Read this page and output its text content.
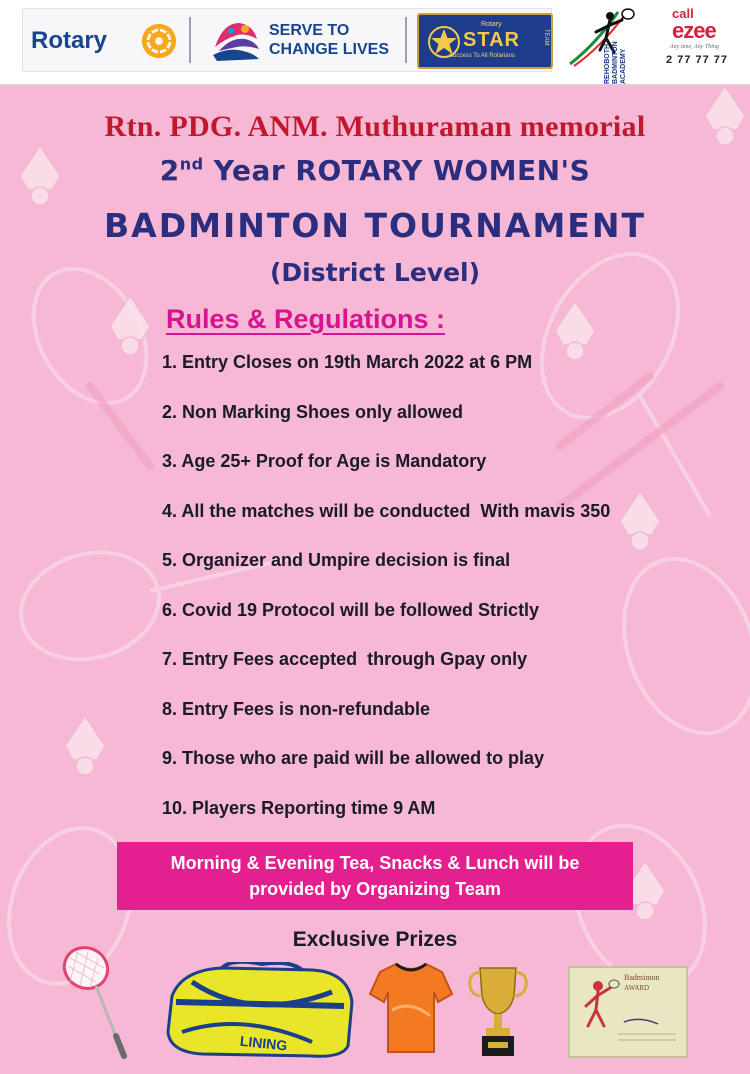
Rotary	SERVE TO
CHANGE LIVES
Rotary
STAR
Success To All Rotarians
TEAM
REHOBOTH BADMINTON ACADEMY
call
ezee
Any time, Any Thing
2 77 77 77
Rtn. PDG. ANM. Muthuraman memorial
2nd Year ROTARY WOMEN'S
BADMINTON TOURNAMENT
(District Level)
Rules & Regulations :
1. Entry Closes on 19th March 2022 at 6 PM
2. Non Marking Shoes only allowed
3. Age 25+ Proof for Age is Mandatory
4. All the matches will be conducted  With mavis 350
5. Organizer and Umpire decision is final
6. Covid 19 Protocol will be followed Strictly
7. Entry Fees accepted  through Gpay only
8. Entry Fees is non-refundable
9. Those who are paid will be allowed to play
10. Players Reporting time 9 AM
Morning & Evening Tea, Snacks & Lunch will be
provided by Organizing Team
Exclusive Prizes
LINING
Badminton
AWARD
